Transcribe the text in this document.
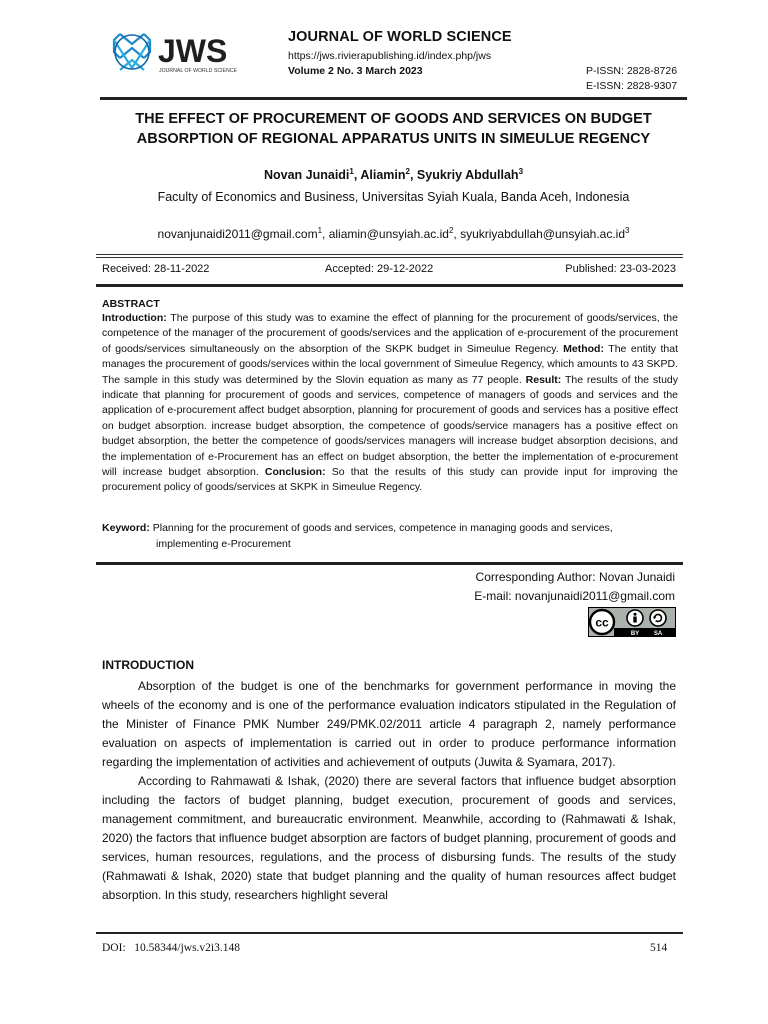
JWS
JOURNAL OF WORLD SCIENCE
JOURNAL OF WORLD SCIENCE
https://jws.rivierapublishing.id/index.php/jws
Volume 2 No. 3 March 2023	P-ISSN: 2828-8726
E-ISSN: 2828-9307
THE EFFECT OF PROCUREMENT OF GOODS AND SERVICES ON BUDGET
ABSORPTION OF REGIONAL APPARATUS UNITS IN SIMEULUE REGENCY
Novan Junaidi$^1$, Aliamin$^2$, Syukriy Abdullah$^3$
Faculty of Economics and Business, Universitas Syiah Kuala, Banda Aceh, Indonesia
novanjunaidi2011@gmail.com$^1$, $aliamin@unsyiah.ac.id^2$, $syukriyabdullah@unsyiah.ac.id^3$
Received: 28-11-2022	Accepted: 29-12-2022	Published: 23-03-2023
ABSTRACT
Introduction: The purpose of this study was to examine the effect of planning for the procurement of goods/services, the competence of the manager of the procurement of goods/services and the application of e-procurement of the procurement of goods/services simultaneously on the absorption of the SKPK budget in Simeulue Regency. Method: The entity that manages the procurement of goods/services within the local government of Simeulue Regency, which amounts to 43 SKPD. The sample in this study was determined by the Slovin equation as many as 77 people. Result: The results of the study indicate that planning for procurement of goods and services, competence of managers of goods and services and the application of e-procurement affect budget absorption, planning for procurement of goods and services has a positive effect on budget absorption. increase budget absorption, the competence of goods/service managers has a positive effect on budget absorption, the better the competence of goods/services managers will increase budget absorption decisions, and the implementation of e-Procurement has an effect on budget absorption, the better the implementation of e-procurement will increase budget absorption. Conclusion: So that the results of this study can provide input for improving the procurement policy of goods/services at SKPK in Simeulue Regency.
Keyword: Planning for the procurement of goods and services, competence in managing goods and services,
implementing e-Procurement
Corresponding Author: Novan Junaidi
E-mail: novanjunaidi2011@gmail.com
cc
BY SA
INTRODUCTION

Absorption of the budget is one of the benchmarks for government performance in moving the wheels of the economy and is one of the performance evaluation indicators stipulated in the Regulation of the Minister of Finance PMK Number 249/PMK.02/2011 article 4 paragraph 2, namely performance evaluation on aspects of implementation is carried out in order to produce performance information regarding the implementation of activities and achievement of outputs (Juwita & Syamara, 2017).

According to Rahmawati & Ishak, (2020) there are several factors that influence budget absorption including the factors of budget planning, budget execution, procurement of goods and services, management commitment, and bureaucratic environment. Meanwhile, according to (Rahmawati & Ishak, 2020) the factors that influence budget absorption are factors of budget planning, procurement of goods and services, human resources, regulations, and the process of disbursing funds. The results of the study (Rahmawati & Ishak, 2020) state that budget planning and the quality of human resources affect budget absorption. In this study, researchers highlight several

DOI:   10.58344/jws.v2i3.148	514
